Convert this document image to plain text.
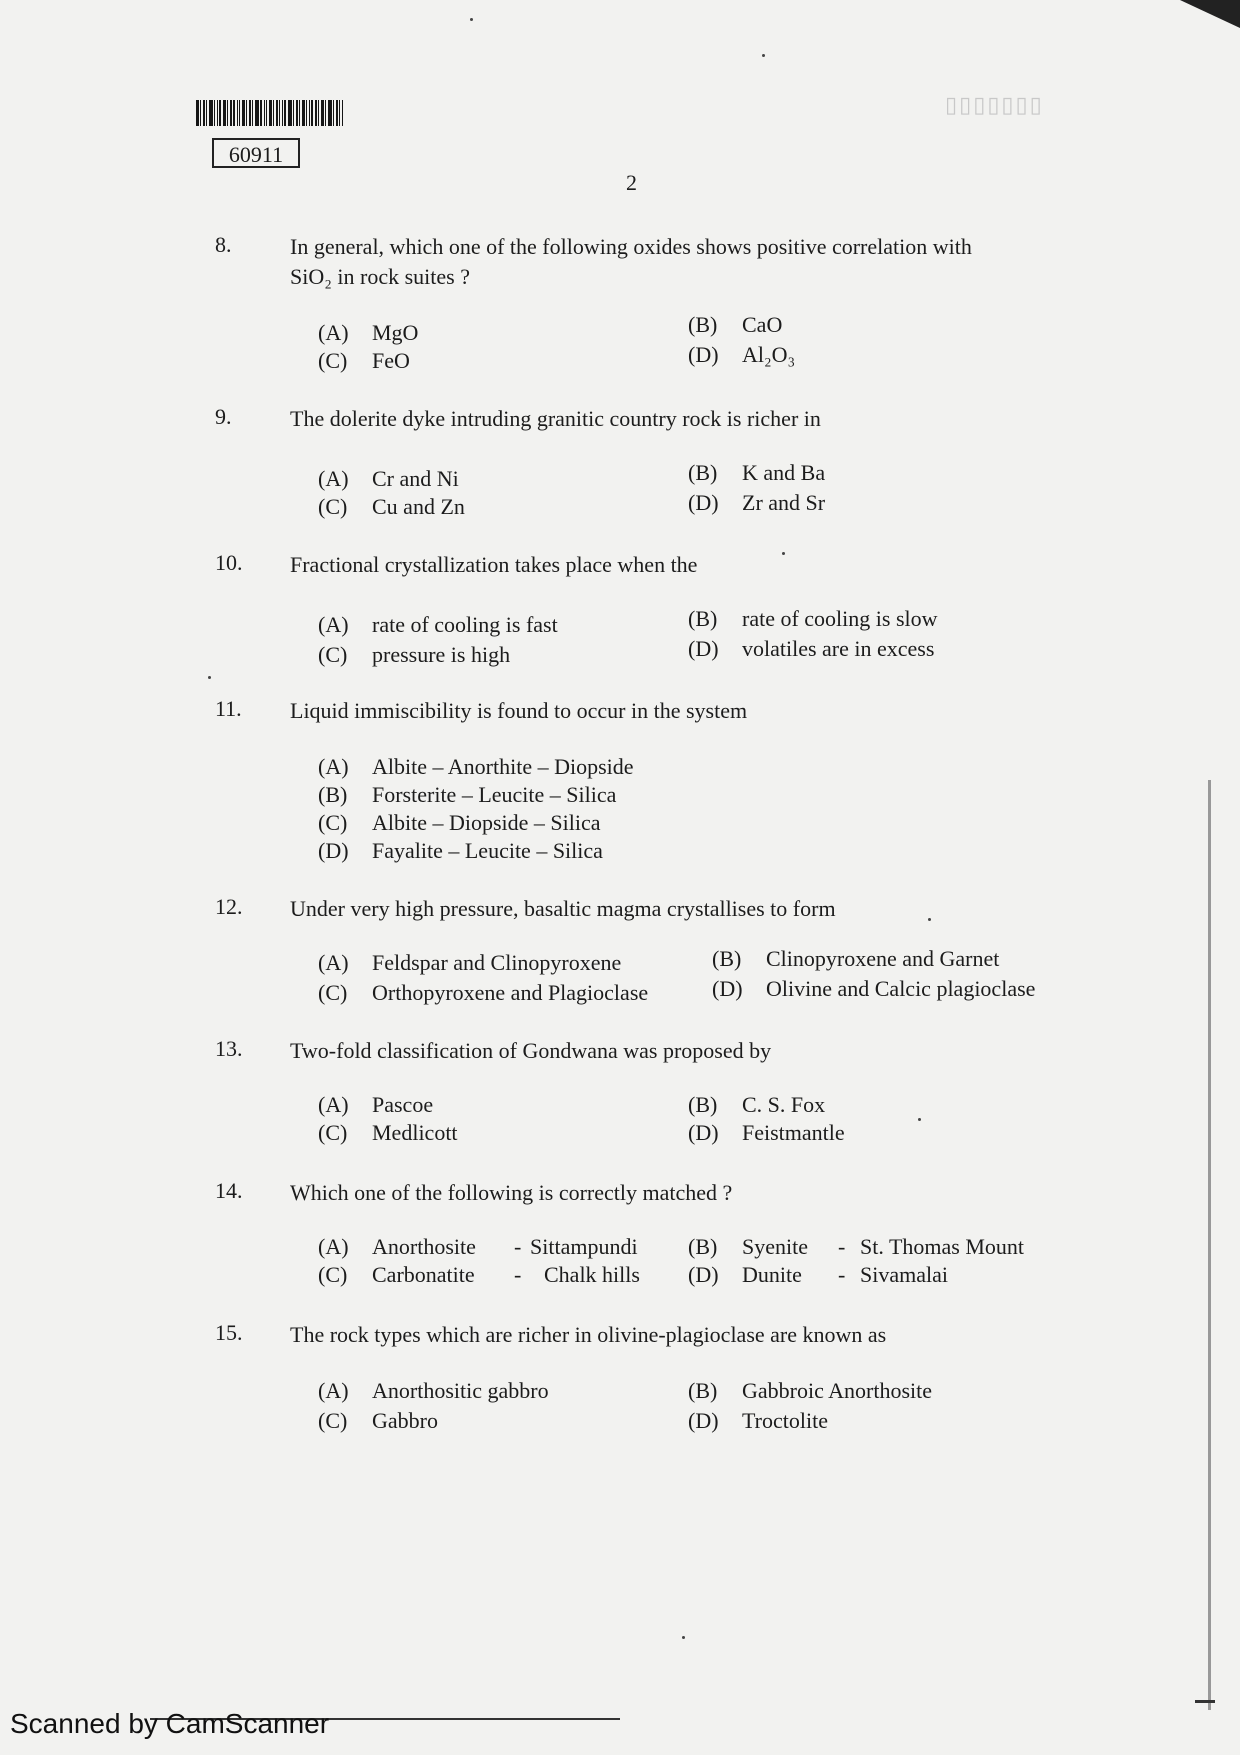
▯▯▯▯▯▯▯
60911
2
8.	In general, which one of the following oxides shows positive correlation with
SiO₂ in rock suites ?
(A) MgO	(B) CaO
(C) FeO	(D) Al₂O₃
9.	The dolerite dyke intruding granitic country rock is richer in
(A) Cr and Ni	(B) K and Ba
(C) Cu and Zn	(D) Zr and Sr
10. Fractional crystallization takes place when the
(A) rate of cooling is fast	(B) rate of cooling is slow
(C) pressure is high	(D) volatiles are in excess
11. Liquid immiscibility is found to occur in the system
(A) Albite – Anorthite – Diopside
(B) Forsterite – Leucite – Silica
(C) Albite – Diopside – Silica
(D) Fayalite – Leucite – Silica
12. Under very high pressure, basaltic magma crystallises to form
(A) Feldspar and Clinopyroxene	(B) Clinopyroxene and Garnet
(C) Orthopyroxene and Plagioclase	(D) Olivine and Calcic plagioclase
13. Two-fold classification of Gondwana was proposed by
(A) Pascoe	(B) C. S. Fox
(C) Medlicott	(D) Feistmantle
14. Which one of the following is correctly matched ?
(A) Anorthosite - Sittampundi (B) Syenite - St. Thomas Mount
(C) Carbonatite - Chalk hills (D) Dunite - Sivamalai
15. The rock types which are richer in olivine-plagioclase are known as
(A) Anorthositic gabbro	(B) Gabbroic Anorthosite
(C) Gabbro	(D) Troctolite
Scanned by CamScanner
